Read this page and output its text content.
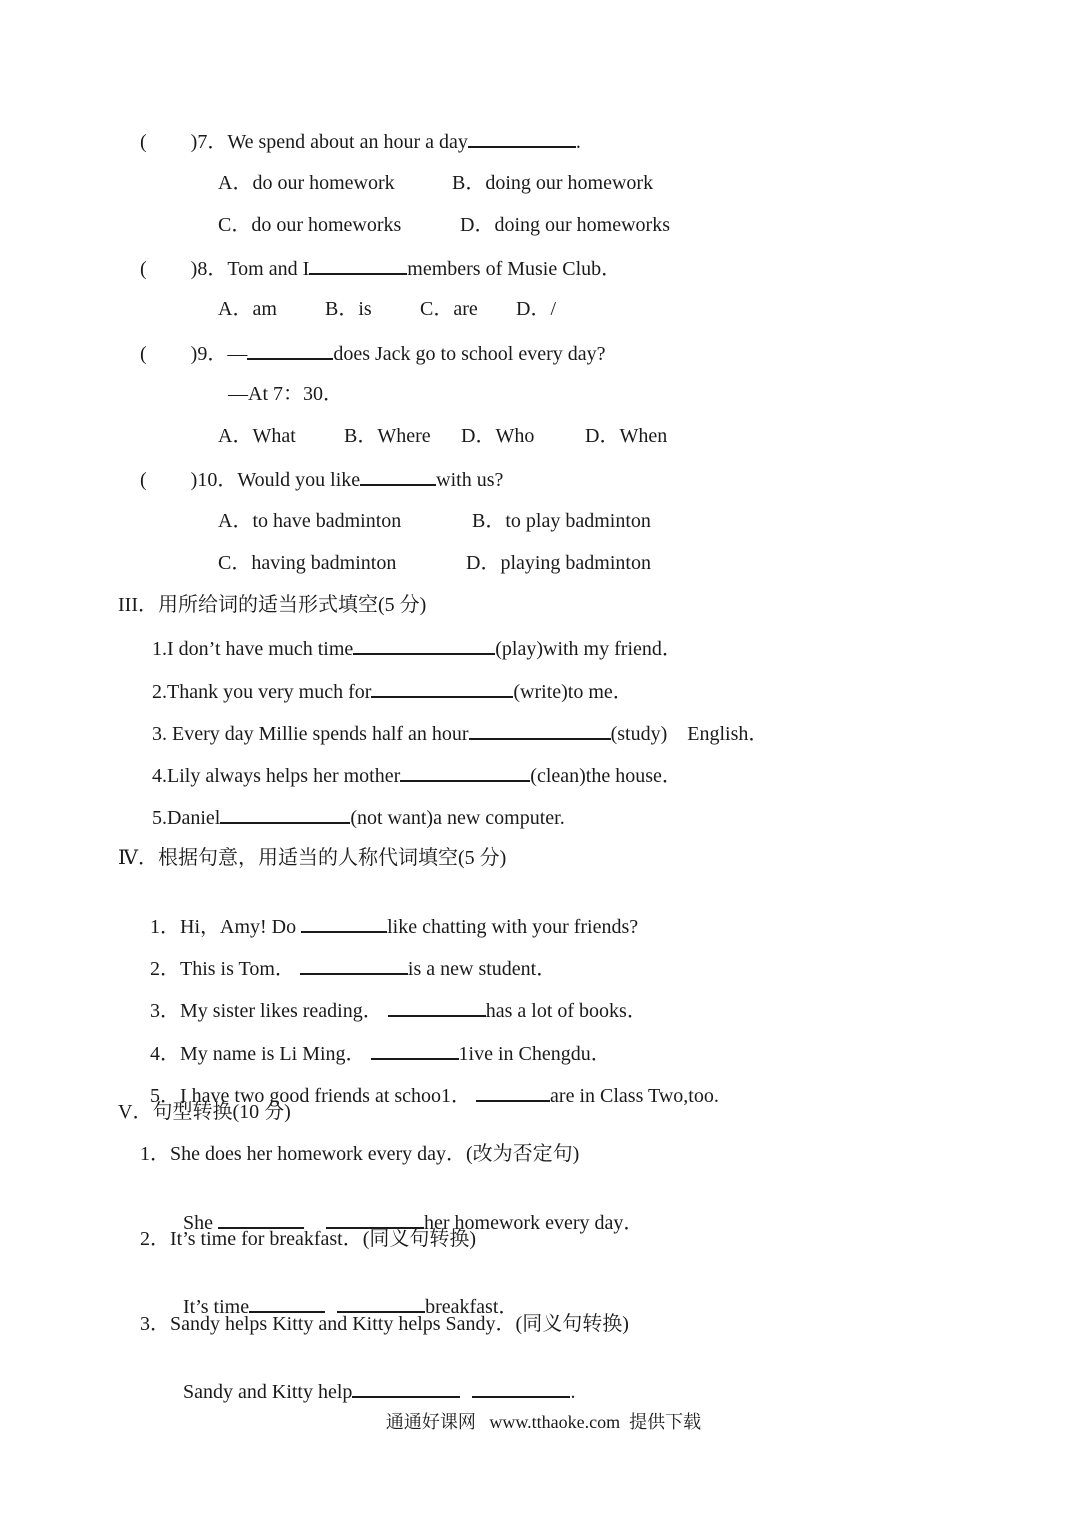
( )7．We spend about an hour a day	.
A．do our homework	B．doing our homework
C．do our homeworks	D．doing our homeworks
( )8．Tom and I	members of Musie Club．
A．am B．is C．are D．/
( )9．—	does Jack go to school every day?
—At 7：30．
A．What B．Where D．Who	D．When
( )10．Would you like	with us?
A．to have badminton	B．to play badminton
C．having badminton	D．playing badminton
III．用所给词的适当形式填空(5 分)
1.I don’t have much time	(play)with my friend．
2.Thank you very much for	(write)to me．
3. Every day Millie spends half an hour	(study)    English．
4.Lily always helps her mother	(clean)the house．
5.Daniel	(not want)a new computer.
Ⅳ．根据句意，用适当的人称代词填空(5 分)

1．Hi，Amy! Do	like chatting with your friends?

2．This is Tom．	is a new student．

3．My sister likes reading．	has a lot of books．

4．My name is Li Ming．	1ive in Chengdu．

5．I have two good friends at schoo1．	are in Class Two,too.

V．句型转换(10 分)
1．She does her homework every day．(改为否定句)

She	her homework every day．

2．It’s time for breakfast．(同义句转换)

It’s time	breakfast．

3．Sandy helps Kitty and Kitty helps Sandy．(同义句转换)

Sandy and Kitty help	.

通通好课网   www.tthaoke.com  提供下载
